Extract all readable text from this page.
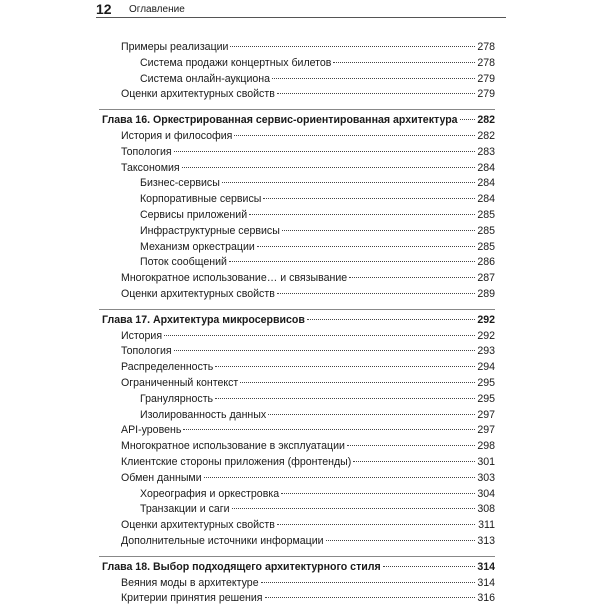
12 Оглавление
Примеры реализации	278
Система продажи концертных билетов	278
Система онлайн-аукциона	279
Оценки архитектурных свойств	279
Глава 16. Оркестрированная сервис-ориентированная архитектура 282
История и философия	282
Топология	283
Таксономия	284
Бизнес-сервисы	284
Корпоративные сервисы	284
Сервисы приложений	285
Инфраструктурные сервисы	285
Механизм оркестрации	285
Поток сообщений	286
Многократное использование… и связывание	287
Оценки архитектурных свойств	289
Глава 17. Архитектура микросервисов	292
История	292
Топология	293
Распределенность	294
Ограниченный контекст	295
Гранулярность	295
Изолированность данных	297
API-уровень	297
Многократное использование в эксплуатации	298
Клиентские стороны приложения (фронтенды)	301
Обмен данными	303
Хореография и оркестровка	304
Транзакции и саги	308
Оценки архитектурных свойств	311
Дополнительные источники информации	313
Глава 18. Выбор подходящего архитектурного стиля	314
Веяния моды в архитектуре	314
Критерии принятия решения	316
